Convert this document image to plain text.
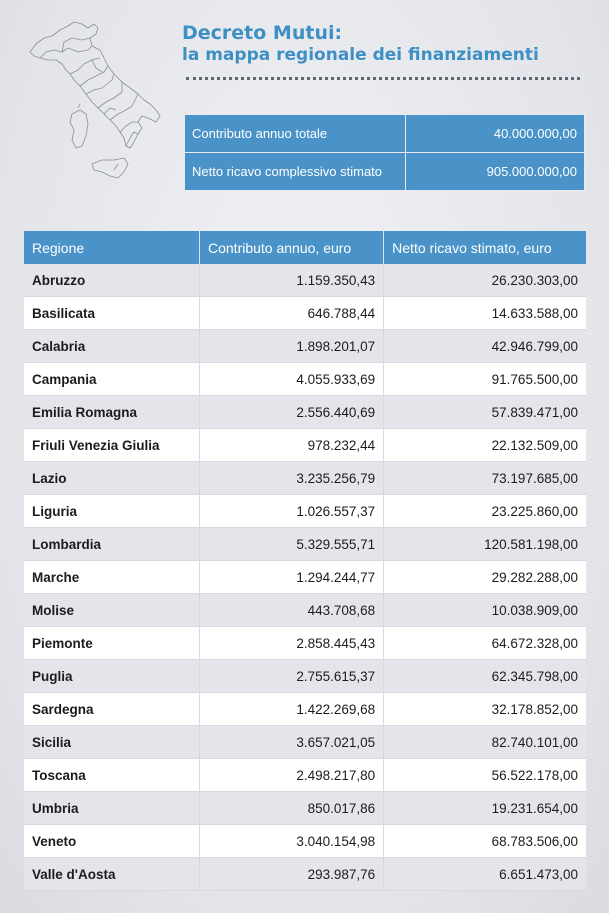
Decreto Mutui:
la mappa regionale dei finanziamenti
Contributo annuo totale	40.000.000,00
Netto ricavo complessivo stimato	905.000.000,00
Regione	Contributo annuo, euro	Netto ricavo stimato, euro
Abruzzo	1.159.350,43	26.230.303,00
Basilicata	646.788,44	14.633.588,00
Calabria	1.898.201,07	42.946.799,00
Campania	4.055.933,69	91.765.500,00
Emilia Romagna	2.556.440,69	57.839.471,00
Friuli Venezia Giulia	978.232,44	22.132.509,00
Lazio	3.235.256,79	73.197.685,00
Liguria	1.026.557,37	23.225.860,00
Lombardia	5.329.555,71	120.581.198,00
Marche	1.294.244,77	29.282.288,00
Molise	443.708,68	10.038.909,00
Piemonte	2.858.445,43	64.672.328,00
Puglia	2.755.615,37	62.345.798,00
Sardegna	1.422.269,68	32.178.852,00
Sicilia	3.657.021,05	82.740.101,00
Toscana	2.498.217,80	56.522.178,00
Umbria	850.017,86	19.231.654,00
Veneto	3.040.154,98	68.783.506,00
Valle d'Aosta	293.987,76	6.651.473,00
